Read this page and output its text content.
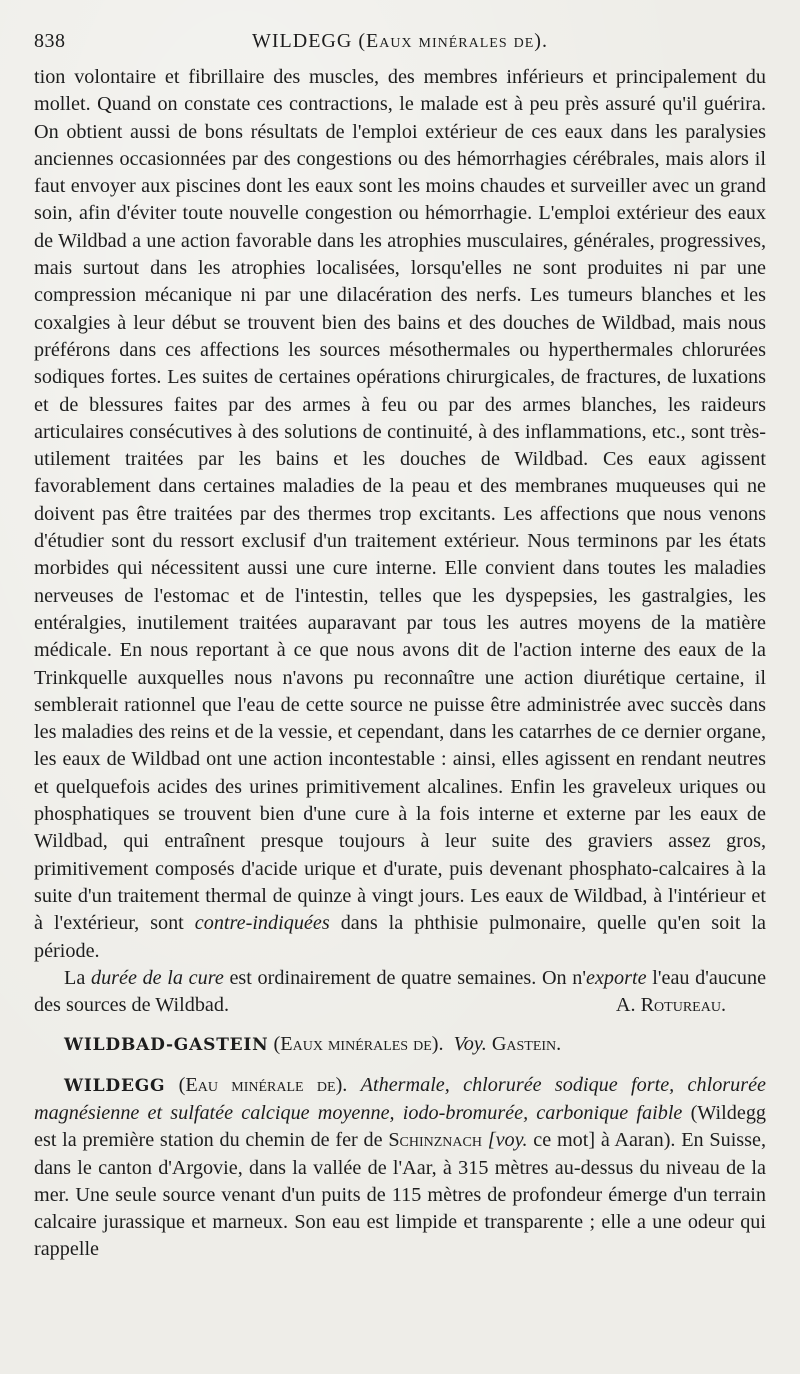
838	WILDEGG (Eaux minérales de).

tion volontaire et fibrillaire des muscles, des membres inférieurs et principalement du mollet. Quand on constate ces contractions, le malade est à peu près assuré qu'il guérira. On obtient aussi de bons résultats de l'emploi extérieur de ces eaux dans les paralysies anciennes occasionnées par des congestions ou des hémorrhagies cérébrales, mais alors il faut envoyer aux piscines dont les eaux sont les moins chaudes et surveiller avec un grand soin, afin d'éviter toute nouvelle congestion ou hémorrhagie. L'emploi extérieur des eaux de Wildbad a une action favorable dans les atrophies musculaires, générales, progressives, mais surtout dans les atrophies localisées, lorsqu'elles ne sont produites ni par une compression mécanique ni par une dilacération des nerfs. Les tumeurs blanches et les coxalgies à leur début se trouvent bien des bains et des douches de Wildbad, mais nous préférons dans ces affections les sources mésothermales ou hyperthermales chlorurées sodiques fortes. Les suites de certaines opérations chirurgicales, de fractures, de luxations et de blessures faites par des armes à feu ou par des armes blanches, les raideurs articulaires consécutives à des solutions de continuité, à des inflammations, etc., sont très-utilement traitées par les bains et les douches de Wildbad. Ces eaux agissent favorablement dans certaines maladies de la peau et des membranes muqueuses qui ne doivent pas être traitées par des thermes trop excitants. Les affections que nous venons d'étudier sont du ressort exclusif d'un traitement extérieur. Nous terminons par les états morbides qui nécessitent aussi une cure interne. Elle convient dans toutes les maladies nerveuses de l'estomac et de l'intestin, telles que les dyspepsies, les gastralgies, les entéralgies, inutilement traitées auparavant par tous les autres moyens de la matière médicale. En nous reportant à ce que nous avons dit de l'action interne des eaux de la Trinkquelle auxquelles nous n'avons pu reconnaître une action diurétique certaine, il semblerait rationnel que l'eau de cette source ne puisse être administrée avec succès dans les maladies des reins et de la vessie, et cependant, dans les catarrhes de ce dernier organe, les eaux de Wildbad ont une action incontestable : ainsi, elles agissent en rendant neutres et quelquefois acides des urines primitivement alcalines. Enfin les graveleux uriques ou phosphatiques se trouvent bien d'une cure à la fois interne et externe par les eaux de Wildbad, qui entraînent presque toujours à leur suite des graviers assez gros, primitivement composés d'acide urique et d'urate, puis devenant phosphato-calcaires à la suite d'un traitement thermal de quinze à vingt jours. Les eaux de Wildbad, à l'intérieur et à l'extérieur, sont contre-indiquées dans la phthisie pulmonaire, quelle qu'en soit la période.

La durée de la cure est ordinairement de quatre semaines. On n'exporte l'eau d'aucune des sources de Wildbad.	A. Rotureau.

WILDBAD-GASTEIN (Eaux minérales de). Voy. Gastein.

WILDEGG (Eau minérale de). Athermale, chlorurée sodique forte, chlorurée magnésienne et sulfatée calcique moyenne, iodo-bromurée, carbonique faible (Wildegg est la première station du chemin de fer de Schinznach [voy. ce mot] à Aaran). En Suisse, dans le canton d'Argovie, dans la vallée de l'Aar, à 315 mètres au-dessus du niveau de la mer. Une seule source venant d'un puits de 115 mètres de profondeur émerge d'un terrain calcaire jurassique et marneux. Son eau est limpide et transparente ; elle a une odeur qui rappelle
